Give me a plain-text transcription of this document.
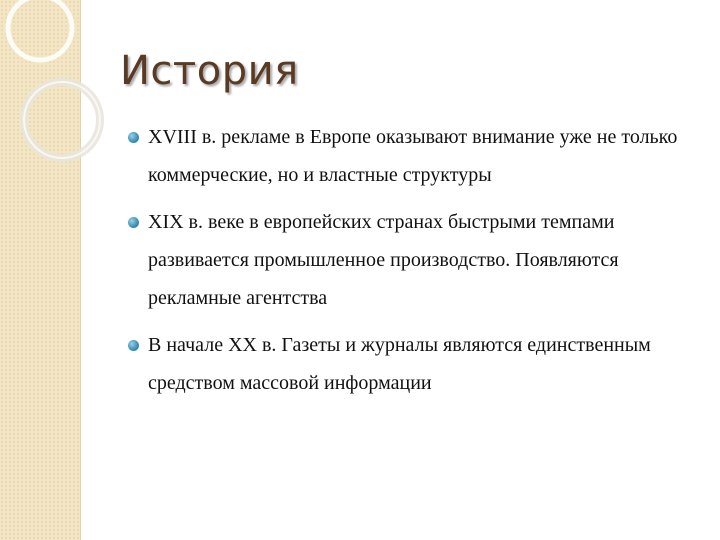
История
XVIII в. рекламе в Европе оказывают внимание уже не только коммерческие, но и властные структуры
XIX в. веке в европейских странах быстрыми темпами развивается промышленное производство. Появляются рекламные агентства
В начале XX в. Газеты и журналы являются единственным средством массовой информации
